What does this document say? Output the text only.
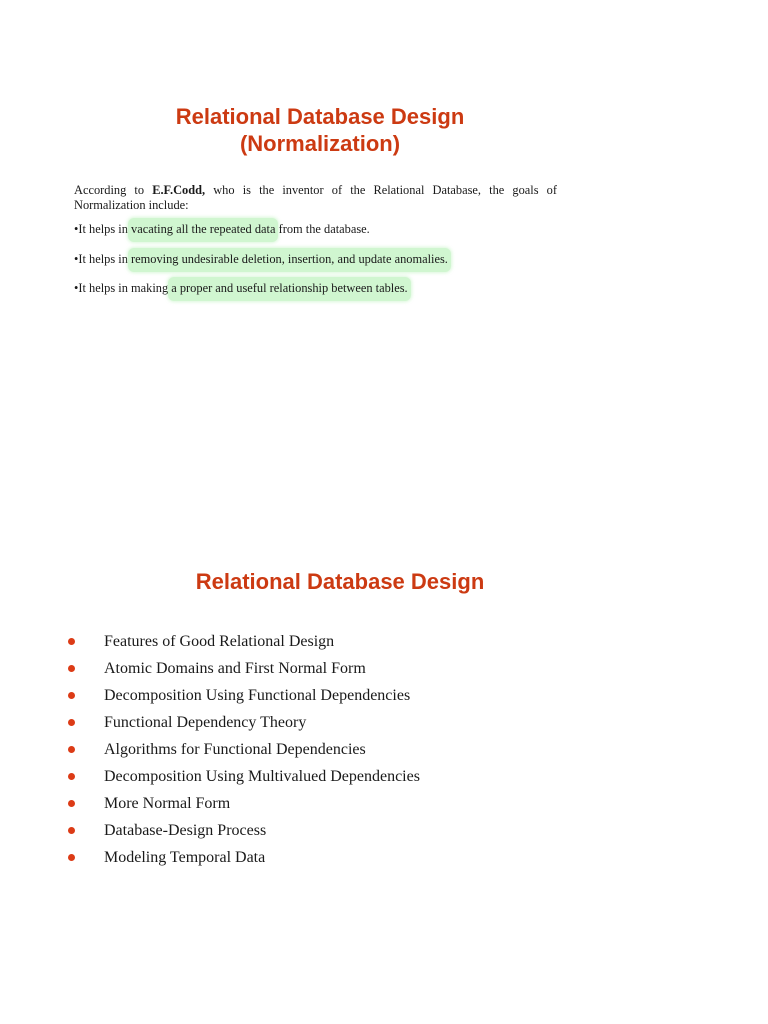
Relational Database Design
(Normalization)

According to E.F.Codd, who is the inventor of the Relational Database, the goals of Normalization include:

•It helps in vacating all the repeated data from the database.

•It helps in removing undesirable deletion, insertion, and update anomalies.

•It helps in making a proper and useful relationship between tables.

Relational Database Design
Features of Good Relational Design
Atomic Domains and First Normal Form
Decomposition Using Functional Dependencies
Functional Dependency Theory
Algorithms for Functional Dependencies
Decomposition Using Multivalued Dependencies
More Normal Form
Database-Design Process
Modeling Temporal Data
